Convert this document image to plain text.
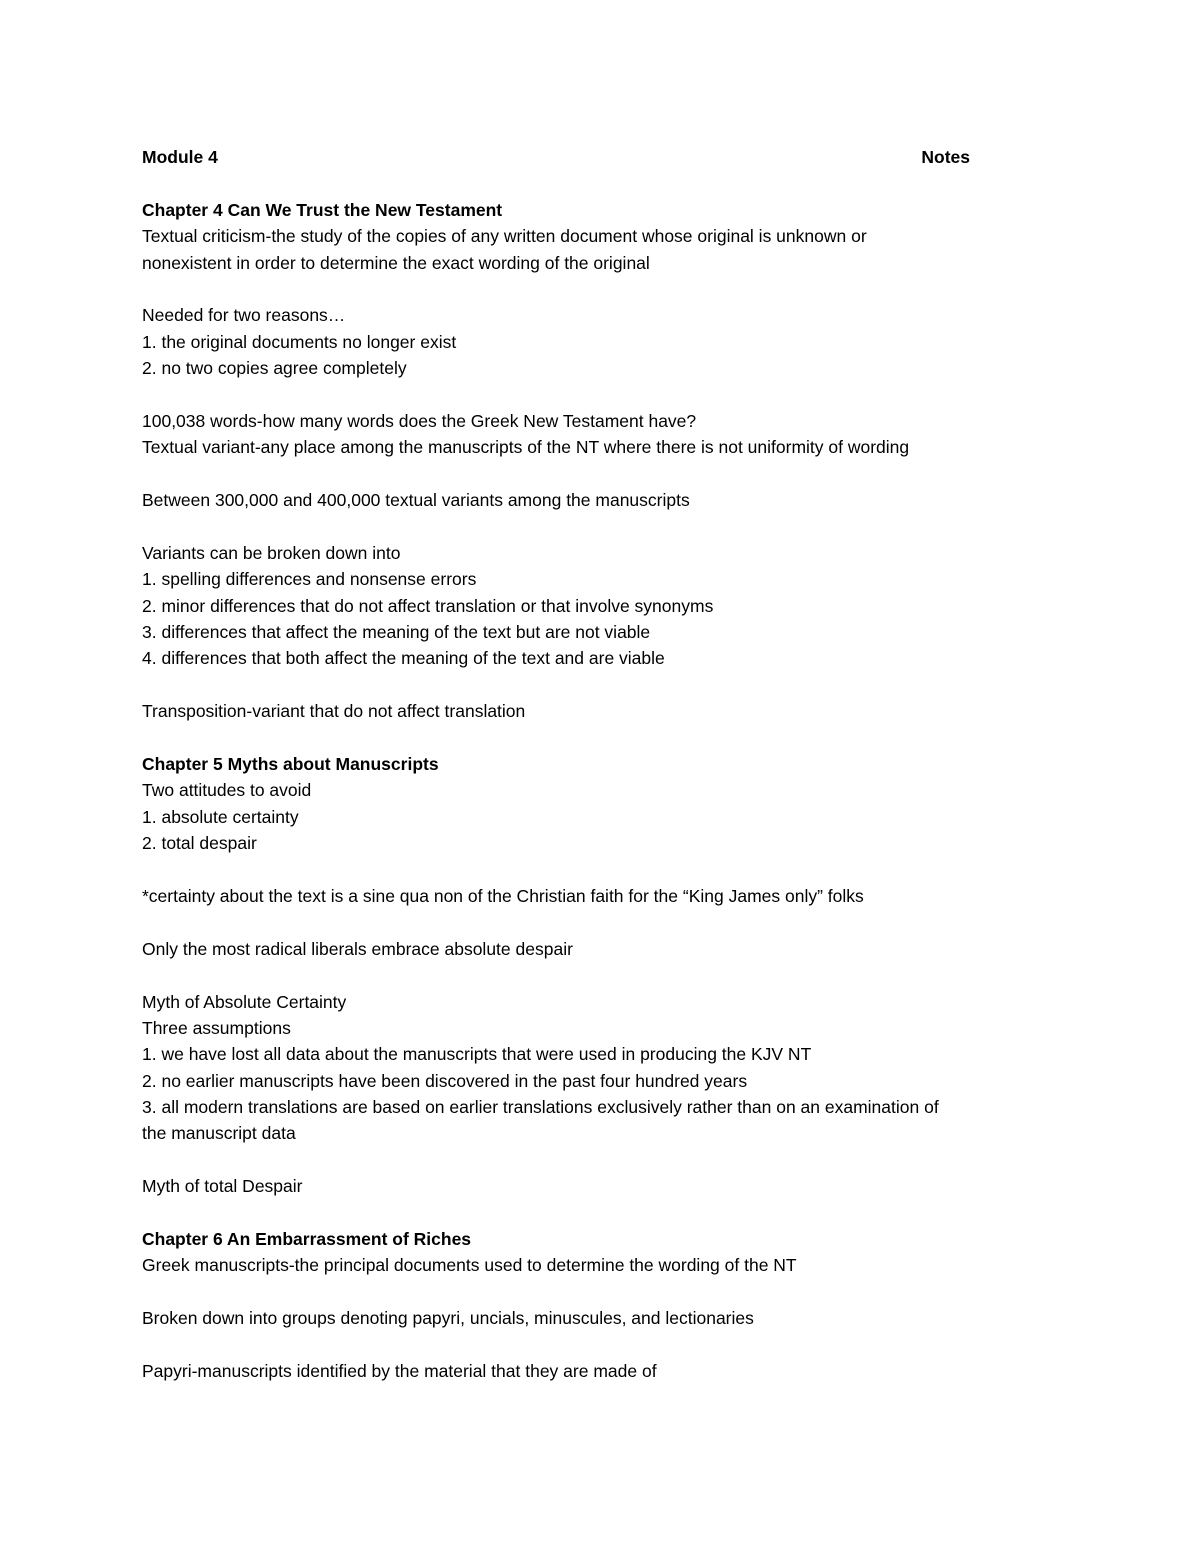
Module 4	Notes
Chapter 4 Can We Trust the New Testament
Textual criticism-the study of the copies of any written document whose original is unknown or
nonexistent in order to determine the exact wording of the original
Needed for two reasons…
1. the original documents no longer exist
2. no two copies agree completely
100,038 words-how many words does the Greek New Testament have?
Textual variant-any place among the manuscripts of the NT where there is not uniformity of wording
Between 300,000 and 400,000 textual variants among the manuscripts
Variants can be broken down into
1. spelling differences and nonsense errors
2. minor differences that do not affect translation or that involve synonyms
3. differences that affect the meaning of the text but are not viable
4. differences that both affect the meaning of the text and are viable
Transposition-variant that do not affect translation
Chapter 5 Myths about Manuscripts
Two attitudes to avoid
1. absolute certainty
2. total despair
*certainty about the text is a sine qua non of the Christian faith for the “King James only” folks
Only the most radical liberals embrace absolute despair
Myth of Absolute Certainty
Three assumptions
1. we have lost all data about the manuscripts that were used in producing the KJV NT
2. no earlier manuscripts have been discovered in the past four hundred years
3. all modern translations are based on earlier translations exclusively rather than on an examination of
the manuscript data
Myth of total Despair
Chapter 6 An Embarrassment of Riches
Greek manuscripts-the principal documents used to determine the wording of the NT
Broken down into groups denoting papyri, uncials, minuscules, and lectionaries
Papyri-manuscripts identified by the material that they are made of
